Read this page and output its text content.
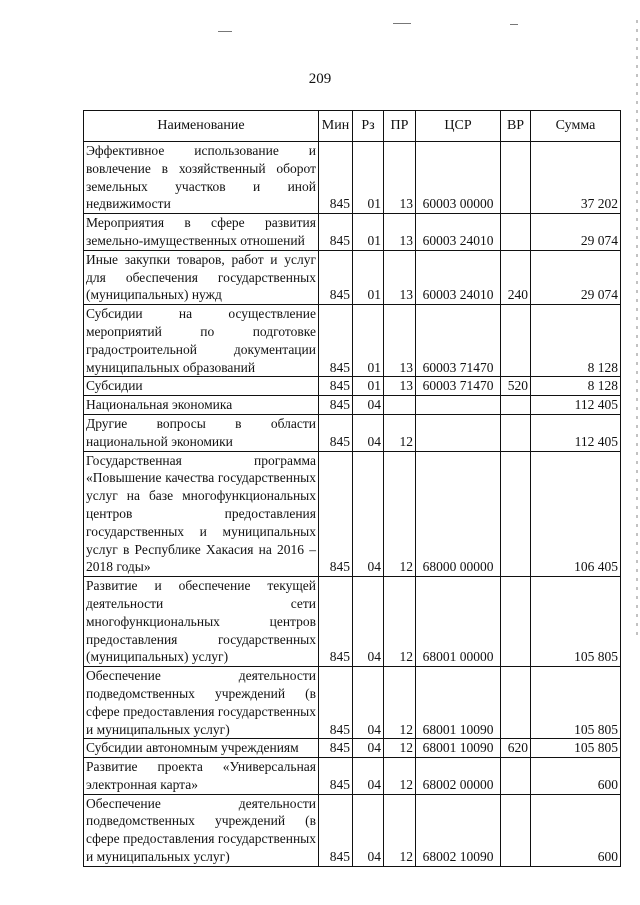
209
Наименование	Мин	Рз	ПР	ЦСР	ВР	Сумма
Эффективное использование и вовлечение в хозяйственный оборот земельных участков и иной недвижимости	845	01	13	60003 00000		37 202
Мероприятия в сфере развития земельно-имущественных отношений	845	01	13	60003 24010		29 074
Иные закупки товаров, работ и услуг для обеспечения государственных (муниципальных) нужд	845	01	13	60003 24010	240	29 074
Субсидии на осуществление мероприятий по подготовке градостроительной документации муниципальных образований	845	01	13	60003 71470		8 128
Субсидии	845	01	13	60003 71470	520	8 128
Национальная экономика	845	04				112 405
Другие вопросы в области национальной экономики	845	04	12			112 405
Государственная программа «Повышение качества государственных услуг на базе многофункциональных центров предоставления государственных и муниципальных услуг в Республике Хакасия на 2016 – 2018 годы»	845	04	12	68000 00000		106 405
Развитие и обеспечение текущей деятельности сети многофункциональных центров предоставления государственных (муниципальных) услуг)	845	04	12	68001 00000		105 805
Обеспечение деятельности подведомственных учреждений (в сфере предоставления государственных и муниципальных услуг)	845	04	12	68001 10090		105 805
Субсидии автономным учреждениям	845	04	12	68001 10090	620	105 805
Развитие проекта «Универсальная электронная карта»	845	04	12	68002 00000		600
Обеспечение деятельности подведомственных учреждений (в сфере предоставления государственных и муниципальных услуг)	845	04	12	68002 10090		600
